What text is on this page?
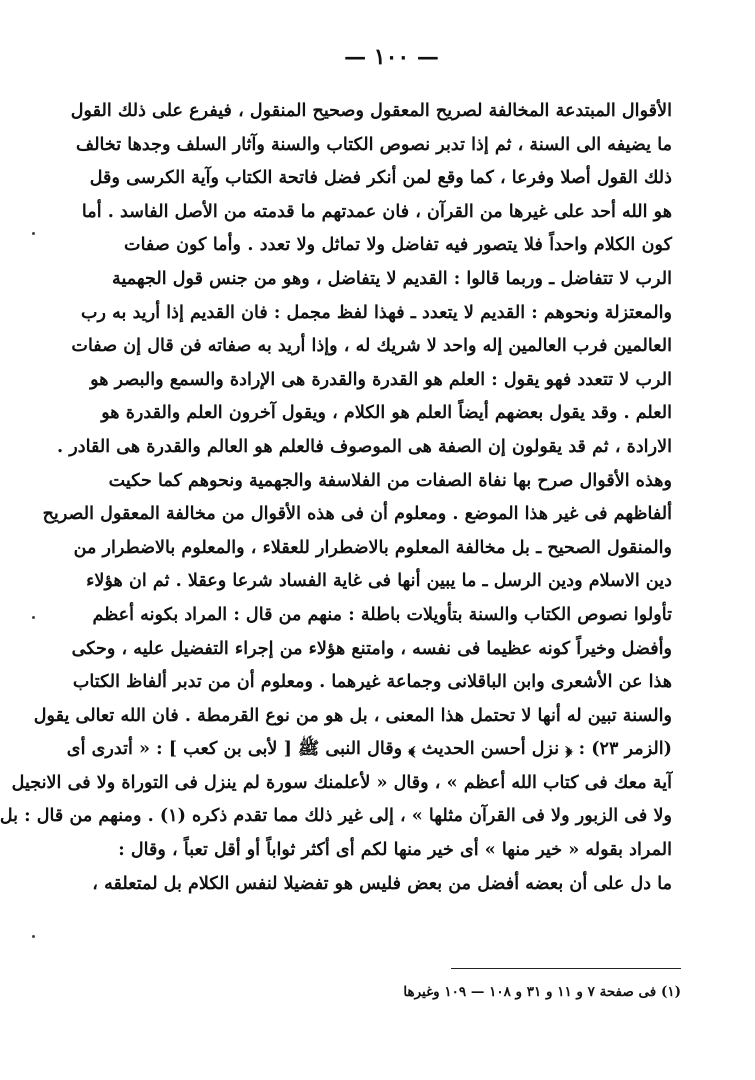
— ١٠٠ —
الأقوال المبتدعة المخالفة لصريح المعقول وصحيح المنقول ، فيفرع على ذلك القول
ما يضيفه الى السنة ، ثم إذا تدبر نصوص الكتاب والسنة وآثار السلف وجدها تخالف
ذلك القول أصلا وفرعا ، كما وقع لمن أنكر فضل فاتحة الكتاب وآية الكرسى وقل
هو الله أحد على غيرها من القرآن ، فان عمدتهم ما قدمته من الأصل الفاسد . أما
كون الكلام واحداً فلا يتصور فيه تفاضل ولا تماثل ولا تعدد . وأما كون صفات
الرب لا تتفاضل ـ وربما قالوا : القديم لا يتفاضل ، وهو من جنس قول الجهمية
والمعتزلة ونحوهم : القديم لا يتعدد ـ فهذا لفظ مجمل : فان القديم إذا أريد به رب
العالمين فرب العالمين إله واحد لا شريك له ، وإذا أريد به صفاته فن قال إن صفات
الرب لا تتعدد فهو يقول : العلم هو القدرة والقدرة هى الإرادة والسمع والبصر هو
العلم . وقد يقول بعضهم أيضاً العلم هو الكلام ، ويقول آخرون العلم والقدرة هو
الارادة ، ثم قد يقولون إن الصفة هى الموصوف فالعلم هو العالم والقدرة هى القادر .
وهذه الأقوال صرح بها نفاة الصفات من الفلاسفة والجهمية ونحوهم كما حكيت
ألفاظهم فى غير هذا الموضع . ومعلوم أن فى هذه الأقوال من مخالفة المعقول الصريح
والمنقول الصحيح ـ بل مخالفة المعلوم بالاضطرار للعقلاء ، والمعلوم بالاضطرار من
دين الاسلام ودين الرسل ـ ما يبين أنها فى غاية الفساد شرعا وعقلا . ثم ان هؤلاء
تأولوا نصوص الكتاب والسنة بتأويلات باطلة : منهم من قال : المراد بكونه أعظم
وأفضل وخيراً كونه عظيما فى نفسه ، وامتنع هؤلاء من إجراء التفضيل عليه ، وحكى
هذا عن الأشعرى وابن الباقلانى وجماعة غيرهما . ومعلوم أن من تدبر ألفاظ الكتاب
والسنة تبين له أنها لا تحتمل هذا المعنى ، بل هو من نوع القرمطة . فان الله تعالى يقول
(الزمر ٢٣) : ﴿ نزل أحسن الحديث ﴾ وقال النبى ﷺ [ لأبى بن كعب ] : « أتدرى أى
آية معك فى كتاب الله أعظم » ، وقال « لأعلمنك سورة لم ينزل فى التوراة ولا فى الانجيل
ولا فى الزبور ولا فى القرآن مثلها » ، إلى غير ذلك مما تقدم ذكره (١) . ومنهم من قال : بل
المراد بقوله « خير منها » أى خير منها لكم أى أكثر ثواباً أو أقل تعباً ، وقال :
ما دل على أن بعضه أفضل من بعض فليس هو تفضيلا لنفس الكلام بل لمتعلقه ،
(١) فى صفحة ٧ و ١١ و ٣١ و ١٠٨ — ١٠٩ وغيرها
